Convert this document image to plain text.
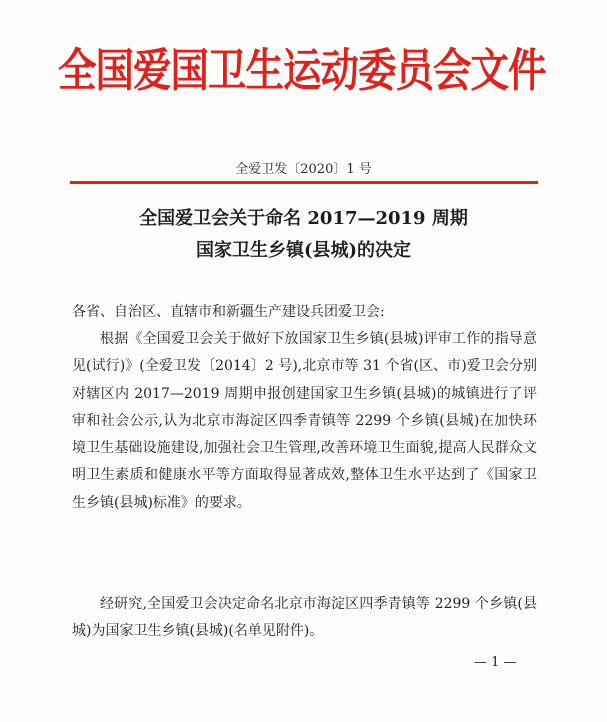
全国爱国卫生运动委员会文件
全爱卫发〔2020〕1 号
全国爱卫会关于命名 2017—2019 周期
国家卫生乡镇(县城)的决定
各省、自治区、直辖市和新疆生产建设兵团爱卫会:
根据《全国爱卫会关于做好下放国家卫生乡镇(县城)评审工作的指导意见(试行)》(全爱卫发〔2014〕2 号),北京市等 31 个省(区、市)爱卫会分别对辖区内 2017—2019 周期申报创建国家卫生乡镇(县城)的城镇进行了评审和社会公示,认为北京市海淀区四季青镇等 2299 个乡镇(县城)在加快环境卫生基础设施建设,加强社会卫生管理,改善环境卫生面貌,提高人民群众文明卫生素质和健康水平等方面取得显著成效,整体卫生水平达到了《国家卫生乡镇(县城)标准》的要求。
经研究,全国爱卫会决定命名北京市海淀区四季青镇等 2299 个乡镇(县城)为国家卫生乡镇(县城)(名单见附件)。
— 1 —
